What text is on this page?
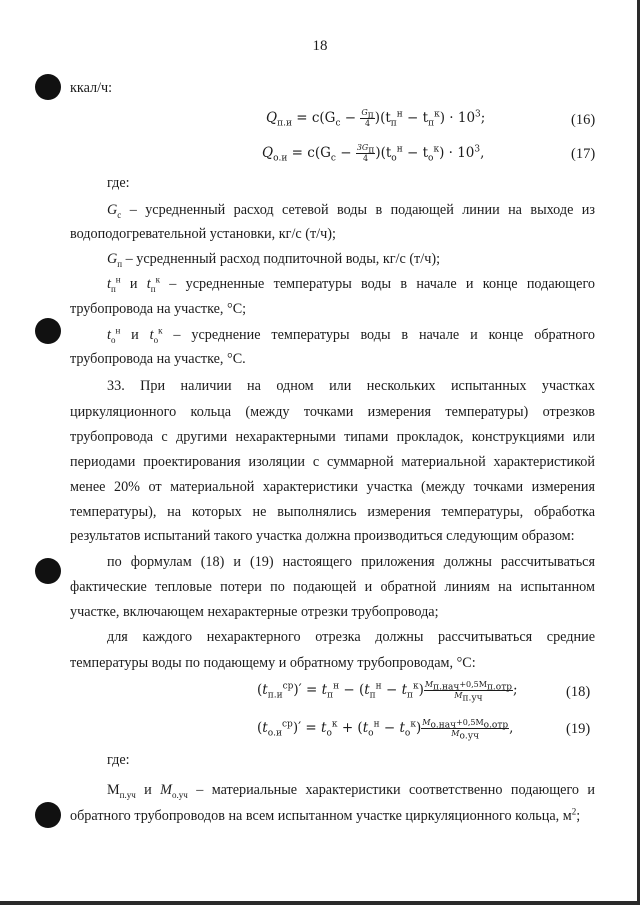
18
ккал/ч:
$Q_{п.и} = c(G_c - \frac{G_п}{4} )(t_п^н - t_п^к) \cdot 10^3$;	(16)
$Q_{о.и} = c(G_c - \frac{3G_п}{4} )(t_о^н - t_о^к) \cdot 10^3$,	(17)
где:
$G_c$ – усредненный расход сетевой воды в подающей линии на выходе из
водоподогревательной установки, кг/с (т/ч);
$G_п$ – усредненный расход подпиточной воды, кг/с (т/ч);
$t_п^н$ и $t_п^к$ – усредненные температуры воды в начале и конце подающего
трубопровода на участке, °С;
$t_о^н$ и $t_о^к$ – усреднение температуры воды в начале и конце обратного
трубопровода на участке, °С.
33. При наличии на одном или нескольких испытанных участках
циркуляционного кольца (между точками измерения температуры) отрезков
трубопровода с другими нехарактерными типами прокладок, конструкциями или
периодами проектирования изоляции с суммарной материальной характеристикой
менее 20% от материальной характеристики участка (между точками измерения
температуры), на которых не выполнялись измерения температуры, обработка
результатов испытаний такого участка должна производиться следующим образом:
по формулам (18) и (19) настоящего приложения должны рассчитываться
фактические тепловые потери по подающей и обратной линиям на испытанном
участке, включающем нехарактерные отрезки трубопровода;
для каждого нехарактерного отрезка должны рассчитываться средние
температуры воды по подающему и обратному трубопроводам, °С:
$(t_{п.и}^{ср})' = t_п^н - (t_п^н - t_п^к) \frac{M_{п.нач}+0,5M_{п.отр}}{M_{п.уч}}$ ;	(18)
$(t_{о.и}^{ср})' = t_о^к + (t_о^н - t_о^к) \frac{M_{о.нач}+0,5M_{о.отр}}{M_{о.уч}}$ ,	(19)
где:
$М_{п.уч}$ и $M_{о.уч}$ – материальные характеристики соответственно подающего и
обратного трубопроводов на всем испытанном участке циркуляционного кольца, $м^2$;
